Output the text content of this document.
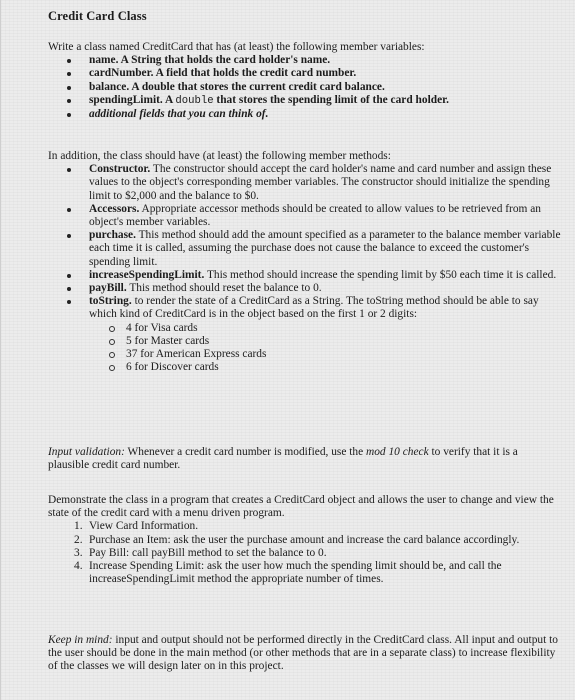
Credit Card Class

Write a class named CreditCard that has (at least) the following member variables:

name. A String that holds the card holder's name.
cardNumber. A field that holds the credit card number.
balance. A double that stores the current credit card balance.
spendingLimit. A double that stores the spending limit of the card holder.
additional fields that you can think of.

In addition, the class should have (at least) the following member methods:

Constructor. The constructor should accept the card holder's name and card number and assign these values to the object's corresponding member variables. The constructor should initialize the spending limit to $2,000 and the balance to $0.
Accessors. Appropriate accessor methods should be created to allow values to be retrieved from an object's member variables.
purchase. This method should add the amount specified as a parameter to the balance member variable each time it is called, assuming the purchase does not cause the balance to exceed the customer's spending limit.
increaseSpendingLimit. This method should increase the spending limit by $50 each time it is called.
payBill. This method should reset the balance to 0.
toString. to render the state of a CreditCard as a String. The toString method should be able to say which kind of CreditCard is in the object based on the first 1 or 2 digits:
4 for Visa cards
5 for Master cards
37 for American Express cards
6 for Discover cards

Input validation: Whenever a credit card number is modified, use the mod 10 check to verify that it is a plausible credit card number.

Demonstrate the class in a program that creates a CreditCard object and allows the user to change and view the state of the credit card with a menu driven program.

1. View Card Information.
2. Purchase an Item: ask the user the purchase amount and increase the card balance accordingly.
3. Pay Bill: call payBill method to set the balance to 0.
4. Increase Spending Limit: ask the user how much the spending limit should be, and call the increaseSpendingLimit method the appropriate number of times.

Keep in mind: input and output should not be performed directly in the CreditCard class. All input and output to the user should be done in the main method (or other methods that are in a separate class) to increase flexibility of the classes we will design later on in this project.
